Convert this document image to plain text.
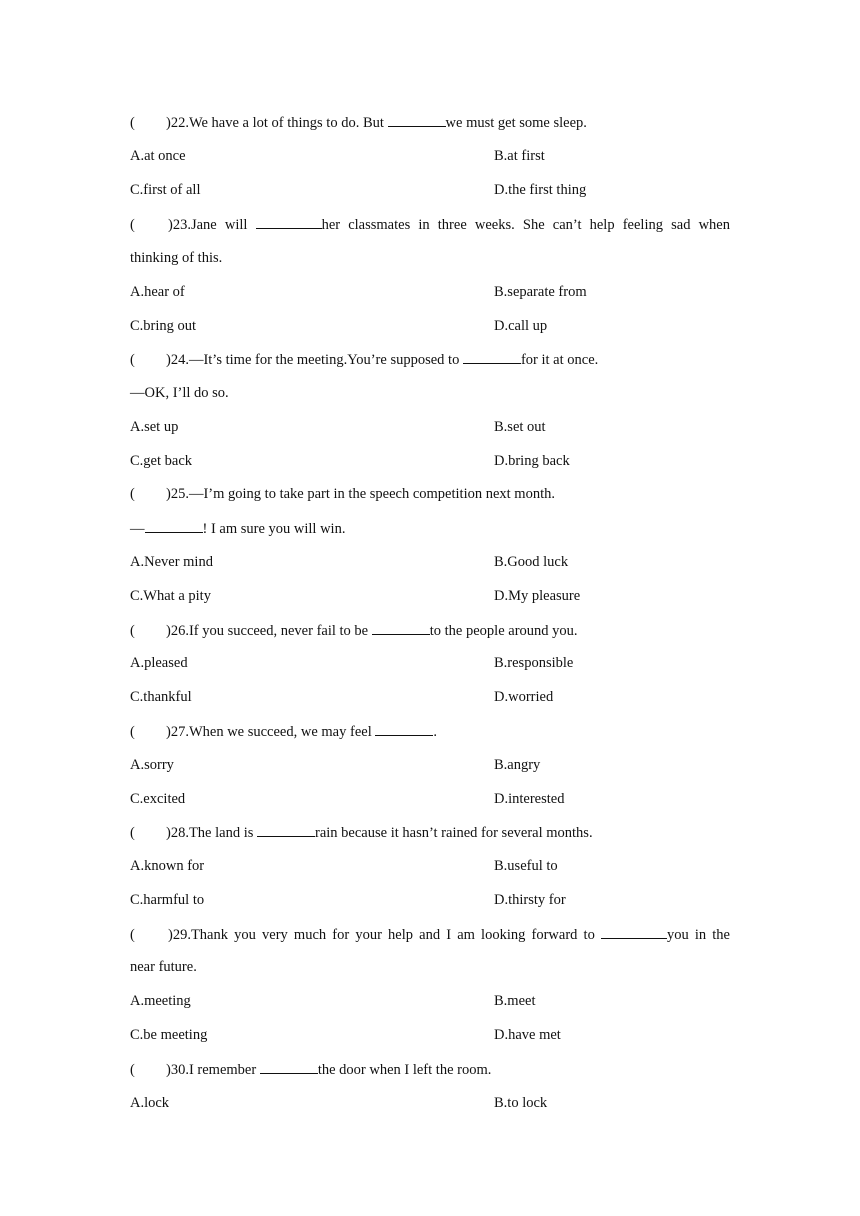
( )22.We have a lot of things to do. But	we must get some sleep.
A.at once	B.at first
C.first of all	D.the first thing
( )23.Jane will	her classmates in three weeks. She can’t help feeling sad when
thinking of this.
A.hear of	B.separate from
C.bring out	D.call up
( )24.—It’s time for the meeting.You’re supposed to	for it at once.
—OK, I’ll do so.
A.set up	B.set out
C.get back	D.bring back
( )25.—I’m going to take part in the speech competition next month.
—	! I am sure you will win.
A.Never mind	B.Good luck
C.What a pity	D.My pleasure
( )26.If you succeed, never fail to be	to the people around you.
A.pleased	B.responsible
C.thankful	D.worried
( )27.When we succeed, we may feel	.
A.sorry	B.angry
C.excited	D.interested
( )28.The land is	rain because it hasn’t rained for several months.
A.known for	B.useful to
C.harmful to	D.thirsty for
( )29.Thank you very much for your help and I am looking forward to	you in the
near future.
A.meeting	B.meet
C.be meeting	D.have met
( )30.I remember	the door when I left the room.
A.lock	B.to lock
